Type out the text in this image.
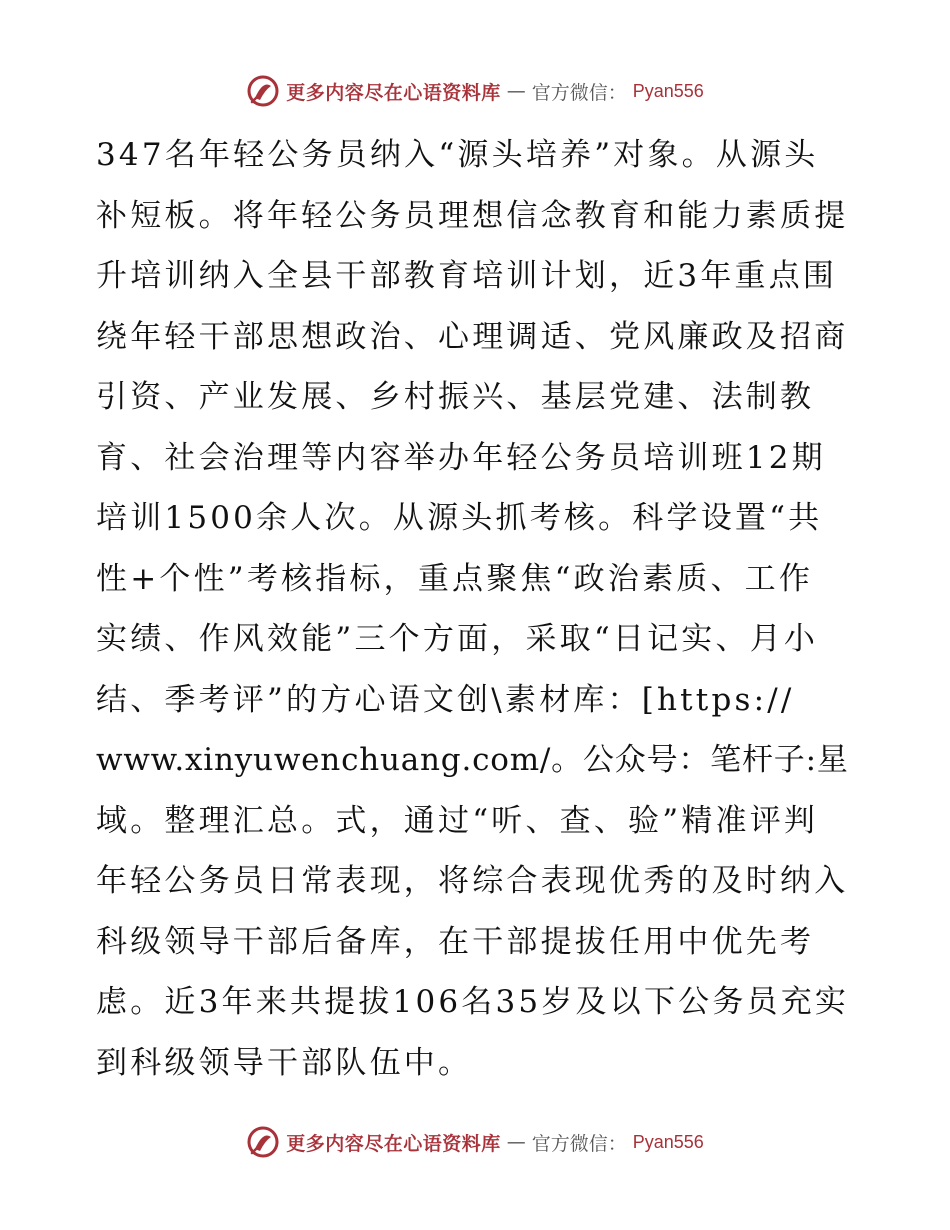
更多内容尽在心语资料库 — 官方微信： Pyan556
347名年轻公务员纳入“源头培养”对象。从源头
补短板。将年轻公务员理想信念教育和能力素质提
升培训纳入全县干部教育培训计划，近3年重点围
绕年轻干部思想政治、心理调适、党风廉政及招商
引资、产业发展、乡村振兴、基层党建、法制教
育、社会治理等内容举办年轻公务员培训班12期
培训1500余人次。从源头抓考核。科学设置“共
性+个性”考核指标，重点聚焦“政治素质、工作
实绩、作风效能”三个方面，采取“日记实、月小
结、季考评”的方心语文创\素材库：[https://
www.xinyuwenchuang.com/。公众号：笔杆子:星
域。整理汇总。式，通过“听、查、验”精准评判
年轻公务员日常表现，将综合表现优秀的及时纳入
科级领导干部后备库，在干部提拔任用中优先考
虑。近3年来共提拔106名35岁及以下公务员充实
到科级领导干部队伍中。
更多内容尽在心语资料库 — 官方微信： Pyan556
